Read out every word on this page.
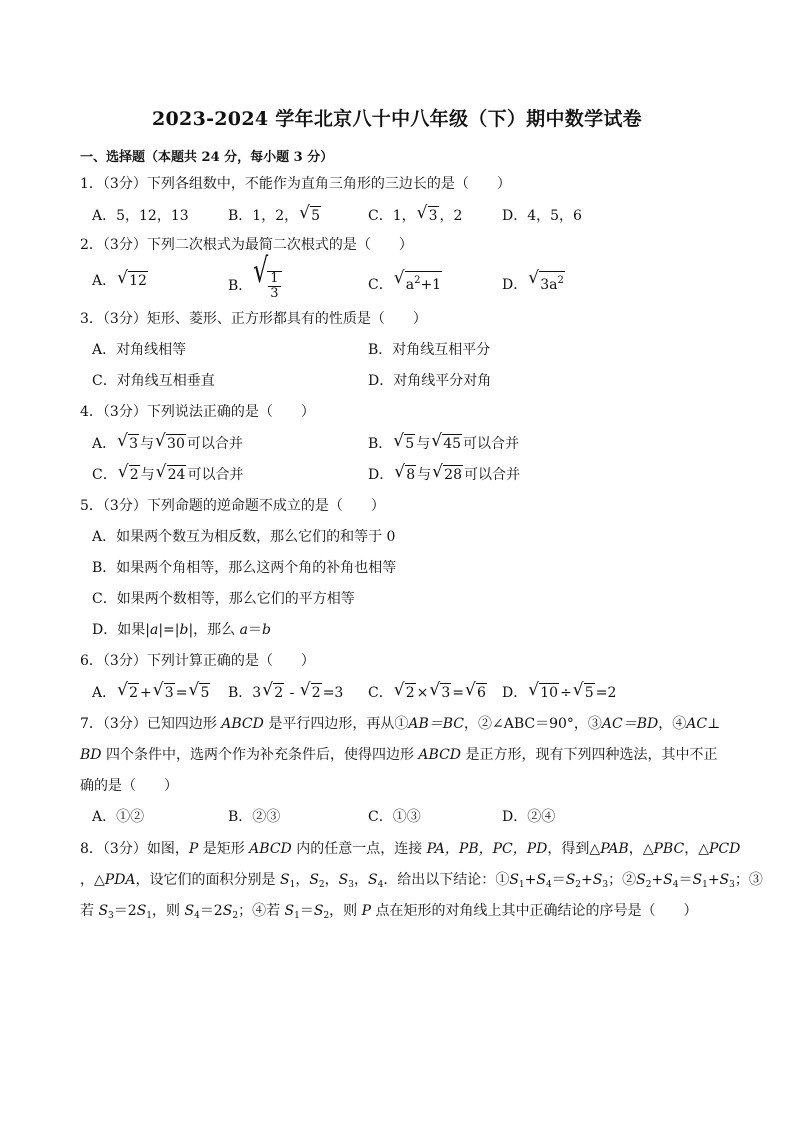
2023-2024 学年北京八十中八年级（下）期中数学试卷
一、选择题（本题共 24 分，每小题 3 分）
1．（3分）下列各组数中，不能作为直角三角形的三边长的是（　　）
A．5，12，13	B．1，2， √ 5	C．1， √ 3 ，2	D．4，5，6
2．（3分）下列二次根式为最简二次根式的是（　　）
A． √ 12	B． √ $\frac{1}{3}$	C． √ $a^2+1$	D． √ $3a^2$
3．（3分）矩形、菱形、正方形都具有的性质是（　　）
A．对角线相等	B．对角线互相平分
C．对角线互相垂直	D．对角线平分对角
4．（3分）下列说法正确的是（　　）
A． √ 3 与 √ 30 可以合并	B． √ 5 与 √ 45 可以合并
C． √ 2 与 √ 24 可以合并	D． √ 8 与 √ 28 可以合并
5．（3分）下列命题的逆命题不成立的是（　　）
A．如果两个数互为相反数，那么它们的和等于 0
B．如果两个角相等，那么这两个角的补角也相等
C．如果两个数相等，那么它们的平方相等
D．如果|a|=|b|，那么 a＝b
6．（3分）下列计算正确的是（　　）
A． √ 2 + √ 3 = √ 5 B．3 √ 2 - √ 2 =3 C． √ 2 × √ 3 = √ 6 D． √ 10 ÷ √ 5 =2
7．（3分）已知四边形 ABCD 是平行四边形，再从①AB＝BC，②∠ABC＝90°，③AC＝BD，④AC⊥
BD 四个条件中，选两个作为补充条件后，使得四边形 ABCD 是正方形，现有下列四种选法，其中不正
确的是（　　）
A．①②	B．②③	C．①③	D．②④
8．（3分）如图，P 是矩形 ABCD 内的任意一点，连接 PA，PB，PC，PD，得到△PAB，△PBC，△PCD
，△PDA，设它们的面积分别是 $S_1$，$S_2$，$S_3$，$S_4$．给出以下结论：$①S_1+S_4=S_2+S_3$；$②S_2+S_4=S_1+S_3$；③
若 $S_3=2S_1$，则 $S_4=2S_2$；④若 $S_1=S_2$，则 P 点在矩形的对角线上其中正确结论的序号是（　　）
